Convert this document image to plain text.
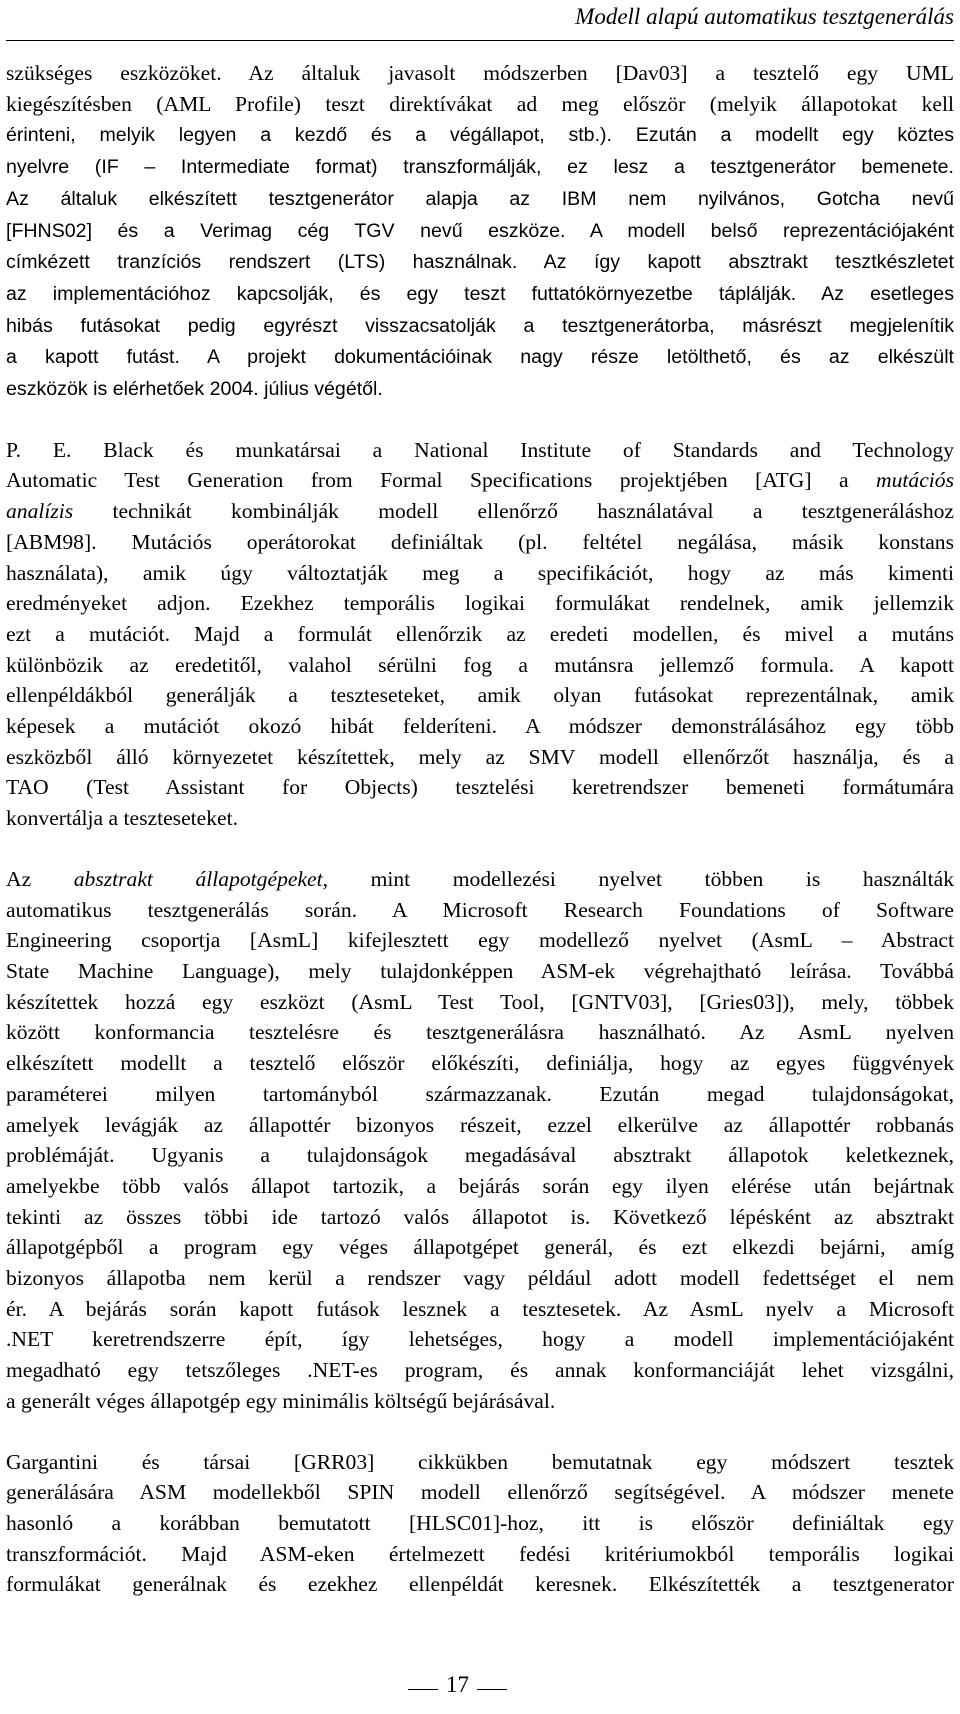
Modell alapú automatikus tesztgenerálás
szükséges eszközöket. Az általuk javasolt módszerben [Dav03] a tesztelő egy UML
kiegészítésben (AML Profile) teszt direktívákat ad meg először (melyik állapotokat kell
érinteni, melyik legyen a kezdő és a végállapot, stb.). Ezután a modellt egy köztes
nyelvre (IF – Intermediate format) transzformálják, ez lesz a tesztgenerátor bemenete.
Az általuk elkészített tesztgenerátor alapja az IBM nem nyilvános, Gotcha nevű
[FHNS02] és a Verimag cég TGV nevű eszköze. A modell belső reprezentációjaként
címkézett tranzíciós rendszert (LTS) használnak. Az így kapott absztrakt tesztkészletet
az implementációhoz kapcsolják, és egy teszt futtatókörnyezetbe táplálják. Az esetleges
hibás futásokat pedig egyrészt visszacsatolják a tesztgenerátorba, másrészt megjelenítik
a kapott futást. A projekt dokumentációinak nagy része letölthető, és az elkészült
eszközök is elérhetőek 2004. július végétől.
P. E. Black és munkatársai a National Institute of Standards and Technology
Automatic Test Generation from Formal Specifications projektjében [ATG] a mutációs
analízis technikát kombinálják modell ellenőrző használatával a tesztgeneráláshoz
[ABM98]. Mutációs operátorokat definiáltak (pl. feltétel negálása, másik konstans
használata), amik úgy változtatják meg a specifikációt, hogy az más kimenti
eredményeket adjon. Ezekhez temporális logikai formulákat rendelnek, amik jellemzik
ezt a mutációt. Majd a formulát ellenőrzik az eredeti modellen, és mivel a mutáns
különbözik az eredetitől, valahol sérülni fog a mutánsra jellemző formula. A kapott
ellenpéldákból generálják a teszteseteket, amik olyan futásokat reprezentálnak, amik
képesek a mutációt okozó hibát felderíteni. A módszer demonstrálásához egy több
eszközből álló környezetet készítettek, mely az SMV modell ellenőrzőt használja, és a
TAO (Test Assistant for Objects) tesztelési keretrendszer bemeneti formátumára
konvertálja a teszteseteket.
Az absztrakt állapotgépeket, mint modellezési nyelvet többen is használták
automatikus tesztgenerálás során. A Microsoft Research Foundations of Software
Engineering csoportja [AsmL] kifejlesztett egy modellező nyelvet (AsmL – Abstract
State Machine Language), mely tulajdonképpen ASM-ek végrehajtható leírása. Továbbá
készítettek hozzá egy eszközt (AsmL Test Tool, [GNTV03], [Gries03]), mely, többek
között konformancia tesztelésre és tesztgenerálásra használható. Az AsmL nyelven
elkészített modellt a tesztelő először előkészíti, definiálja, hogy az egyes függvények
paraméterei milyen tartományból származzanak. Ezután megad tulajdonságokat,
amelyek levágják az állapottér bizonyos részeit, ezzel elkerülve az állapottér robbanás
problémáját. Ugyanis a tulajdonságok megadásával absztrakt állapotok keletkeznek,
amelyekbe több valós állapot tartozik, a bejárás során egy ilyen elérése után bejártnak
tekinti az összes többi ide tartozó valós állapotot is. Következő lépésként az absztrakt
állapotgépből a program egy véges állapotgépet generál, és ezt elkezdi bejárni, amíg
bizonyos állapotba nem kerül a rendszer vagy például adott modell fedettséget el nem
ér. A bejárás során kapott futások lesznek a tesztesetek. Az AsmL nyelv a Microsoft
.NET keretrendszerre épít, így lehetséges, hogy a modell implementációjaként
megadható egy tetszőleges .NET-es program, és annak konformanciáját lehet vizsgálni,
a generált véges állapotgép egy minimális költségű bejárásával.
Gargantini és társai [GRR03] cikkükben bemutatnak egy módszert tesztek
generálására ASM modellekből SPIN modell ellenőrző segítségével. A módszer menete
hasonló a korábban bemutatott [HLSC01]-hoz, itt is először definiáltak egy
transzformációt. Majd ASM-eken értelmezett fedési kritériumokból temporális logikai
formulákat generálnak és ezekhez ellenpéldát keresnek. Elkészítették a tesztgenerator
17
